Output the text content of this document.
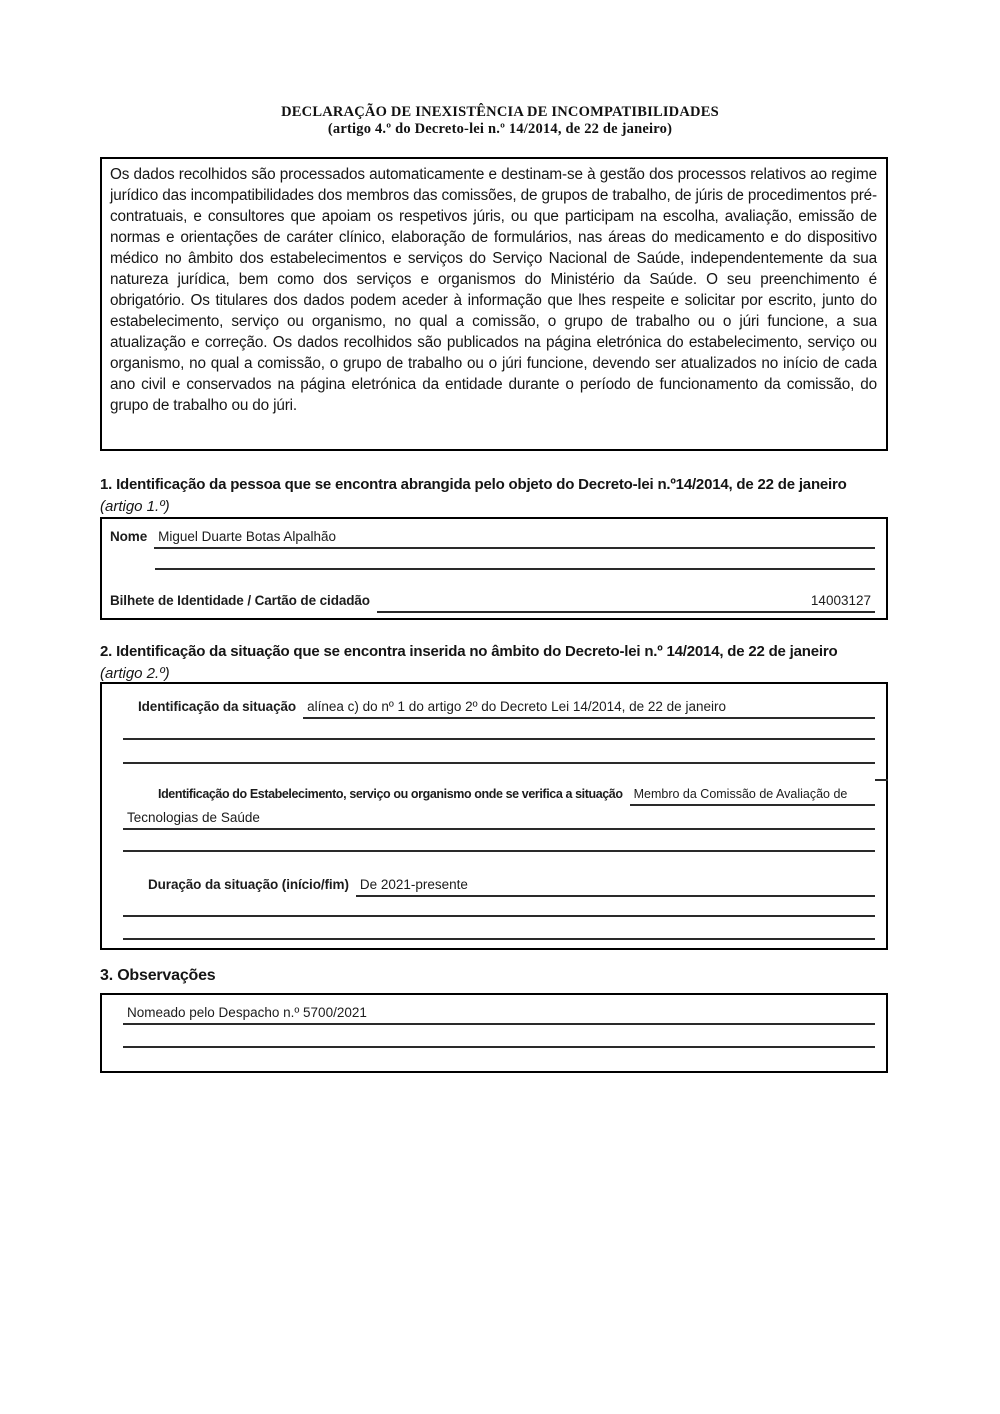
DECLARAÇÃO DE INEXISTÊNCIA DE INCOMPATIBILIDADES
(artigo 4.º do Decreto-lei n.º 14/2014, de 22 de janeiro)

Os dados recolhidos são processados automaticamente e destinam-se à gestão dos processos relativos ao regime jurídico das incompatibilidades dos membros das comissões, de grupos de trabalho, de júris de procedimentos pré-contratuais, e consultores que apoiam os respetivos júris, ou que participam na escolha, avaliação, emissão de normas e orientações de caráter clínico, elaboração de formulários, nas áreas do medicamento e do dispositivo médico no âmbito dos estabelecimentos e serviços do Serviço Nacional de Saúde, independentemente da sua natureza jurídica, bem como dos serviços e organismos do Ministério da Saúde. O seu preenchimento é obrigatório. Os titulares dos dados podem aceder à informação que lhes respeite e solicitar por escrito, junto do estabelecimento, serviço ou organismo, no qual a comissão, o grupo de trabalho ou o júri funcione, a sua atualização e correção. Os dados recolhidos são publicados na página eletrónica do estabelecimento, serviço ou organismo, no qual a comissão, o grupo de trabalho ou o júri funcione, devendo ser atualizados no início de cada ano civil e conservados na página eletrónica da entidade durante o período de funcionamento da comissão, do grupo de trabalho ou do júri.

1. Identificação da pessoa que se encontra abrangida pelo objeto do Decreto-lei n.º14/2014, de 22 de janeiro
(artigo 1.º)
Nome Miguel Duarte Botas Alpalhão
Bilhete de Identidade / Cartão de cidadão	14003127
2. Identificação da situação que se encontra inserida no âmbito do Decreto-lei n.º 14/2014, de 22 de janeiro
(artigo 2.º)
Identificação da situação alínea c) do nº 1 do artigo 2º do Decreto Lei 14/2014, de 22 de janeiro
Identificação do Estabelecimento, serviço ou organismo onde se verifica a situação Membro da Comissão de Avaliação de
Tecnologias de Saúde
Duração da situação (início/fim) De 2021-presente
3. Observações
Nomeado pelo Despacho n.º 5700/2021
